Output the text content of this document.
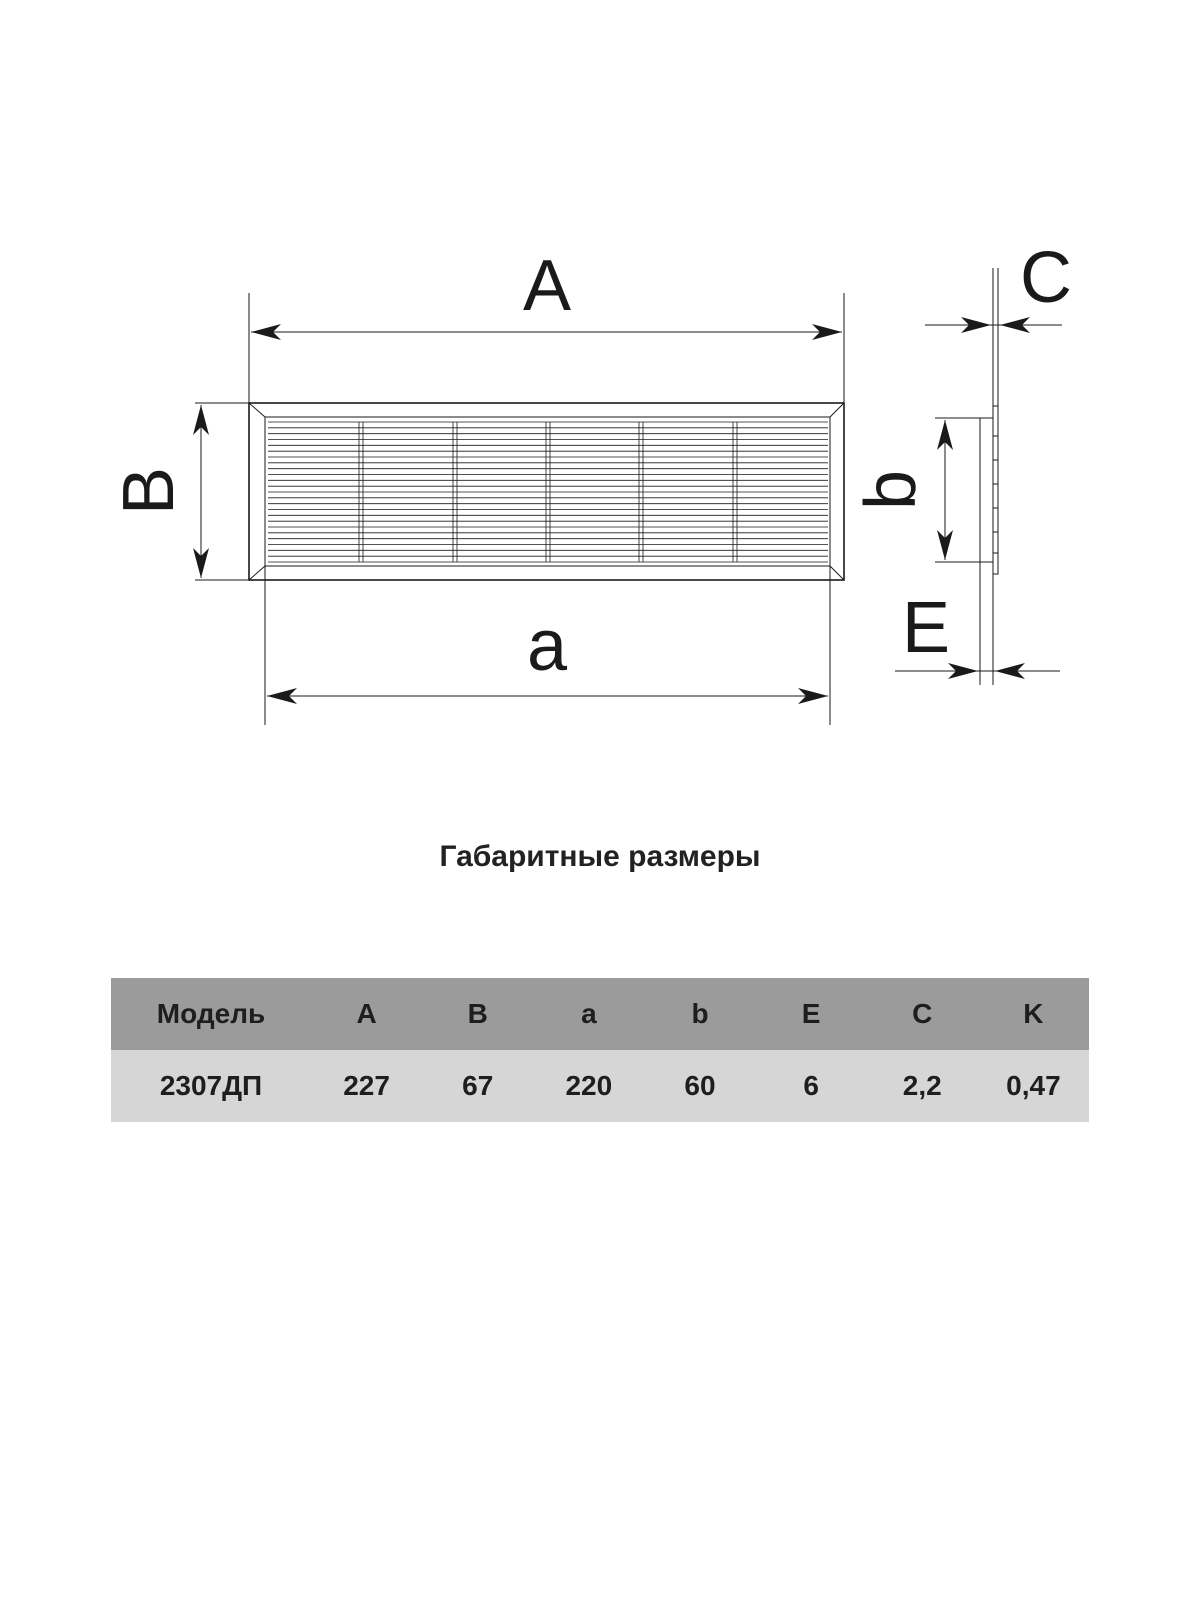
A
a
B
C
b
E
Габаритные размеры
Модель	A	B	a	b	E	C	K
2307ДП	227	67	220	60	6	2,2	0,47
